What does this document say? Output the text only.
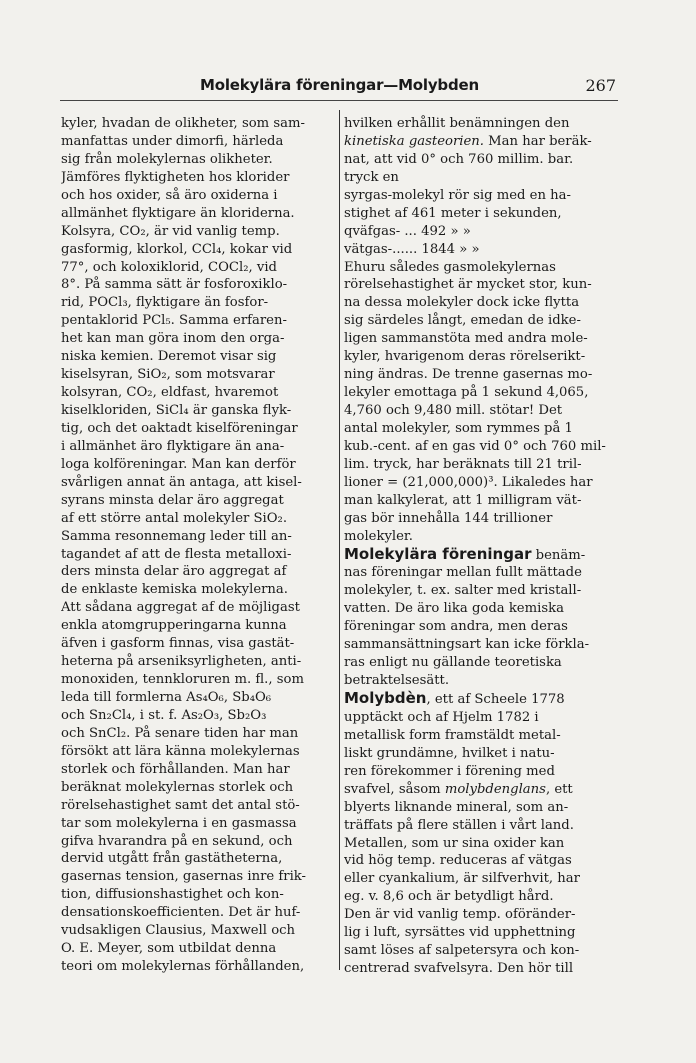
Molekylära föreningar—Molybden	267
kyler, hvadan de olikheter, som sam-
manfattas under dimorfi, härleda
sig från molekylernas olikheter.
Jämföres flyktigheten hos klorider
och hos oxider, så äro oxiderna i
allmänhet flyktigare än kloriderna.
Kolsyra, CO₂, är vid vanlig temp.
gasformig, klorkol, CCl₄, kokar vid
77°, och koloxiklorid, COCl₂, vid
8°. På samma sätt är fosforoxiklo-
rid, POCl₃, flyktigare än fosfor-
pentaklorid PCl₅. Samma erfaren-
het kan man göra inom den orga-
niska kemien. Deremot visar sig
kiselsyran, SiO₂, som motsvarar
kolsyran, CO₂, eldfast, hvaremot
kiselkloriden, SiCl₄ är ganska flyk-
tig, och det oaktadt kiselföreningar
i allmänhet äro flyktigare än ana-
loga kolföreningar. Man kan derför
svårligen annat än antaga, att kisel-
syrans minsta delar äro aggregat
af ett större antal molekyler SiO₂.
Samma resonnemang leder till an-
tagandet af att de flesta metalloxi-
ders minsta delar äro aggregat af
de enklaste kemiska molekylerna.
Att sådana aggregat af de möjligast
enkla atomgrupperingarna kunna
äfven i gasform finnas, visa gastät-
heterna på arseniksyrligheten, anti-
monoxiden, tennkloruren m. fl., som
leda till formlerna As₄O₆, Sb₄O₆
och Sn₂Cl₄, i st. f. As₂O₃, Sb₂O₃
och SnCl₂. På senare tiden har man
försökt att lära känna molekylernas
storlek och förhållanden. Man har
beräknat molekylernas storlek och
rörelsehastighet samt det antal stö-
tar som molekylerna i en gasmassa
gifva hvarandra på en sekund, och
dervid utgått från gastätheterna,
gasernas tension, gasernas inre frik-
tion, diffusionshastighet och kon-
densationskoefficienten. Det är huf-
vudsakligen Clausius, Maxwell och
O. E. Meyer, som utbildat denna
teori om molekylernas förhållanden,
hvilken erhållit benämningen den
kinetiska gasteorien. Man har beräk-
nat, att vid 0° och 760 millim. bar.
tryck en
syrgas-molekyl rör sig med en ha-
stighet af 461 meter i sekunden,
qväfgas- ... 492 » »
vätgas-...... 1844 » »
Ehuru således gasmolekylernas
rörelsehastighet är mycket stor, kun-
na dessa molekyler dock icke flytta
sig särdeles långt, emedan de idke-
ligen sammanstöta med andra mole-
kyler, hvarigenom deras rörelserikt-
ning ändras. De trenne gasernas mo-
lekyler emottaga på 1 sekund 4,065,
4,760 och 9,480 mill. stötar! Det
antal molekyler, som rymmes på 1
kub.-cent. af en gas vid 0° och 760 mil-
lim. tryck, har beräknats till 21 tril-
lioner = (21,000,000)³. Likaledes har
man kalkylerat, att 1 milligram vät-
gas bör innehålla 144 trillioner
molekyler.
Molekylära föreningar benäm-
nas föreningar mellan fullt mättade
molekyler, t. ex. salter med kristall-
vatten. De äro lika goda kemiska
föreningar som andra, men deras
sammansättningsart kan icke förkla-
ras enligt nu gällande teoretiska
betraktelsesätt.
Molybdèn, ett af Scheele 1778
upptäckt och af Hjelm 1782 i
metallisk form framstäldt metal-
liskt grundämne, hvilket i natu-
ren förekommer i förening med
svafvel, såsom molybdenglans, ett
blyerts liknande mineral, som an-
träffats på flere ställen i vårt land.
Metallen, som ur sina oxider kan
vid hög temp. reduceras af vätgas
eller cyankalium, är silfverhvit, har
eg. v. 8,6 och är betydligt hård.
Den är vid vanlig temp. oföränder-
lig i luft, syrsättes vid upphettning
samt löses af salpetersyra och kon-
centrerad svafvelsyra. Den hör till
